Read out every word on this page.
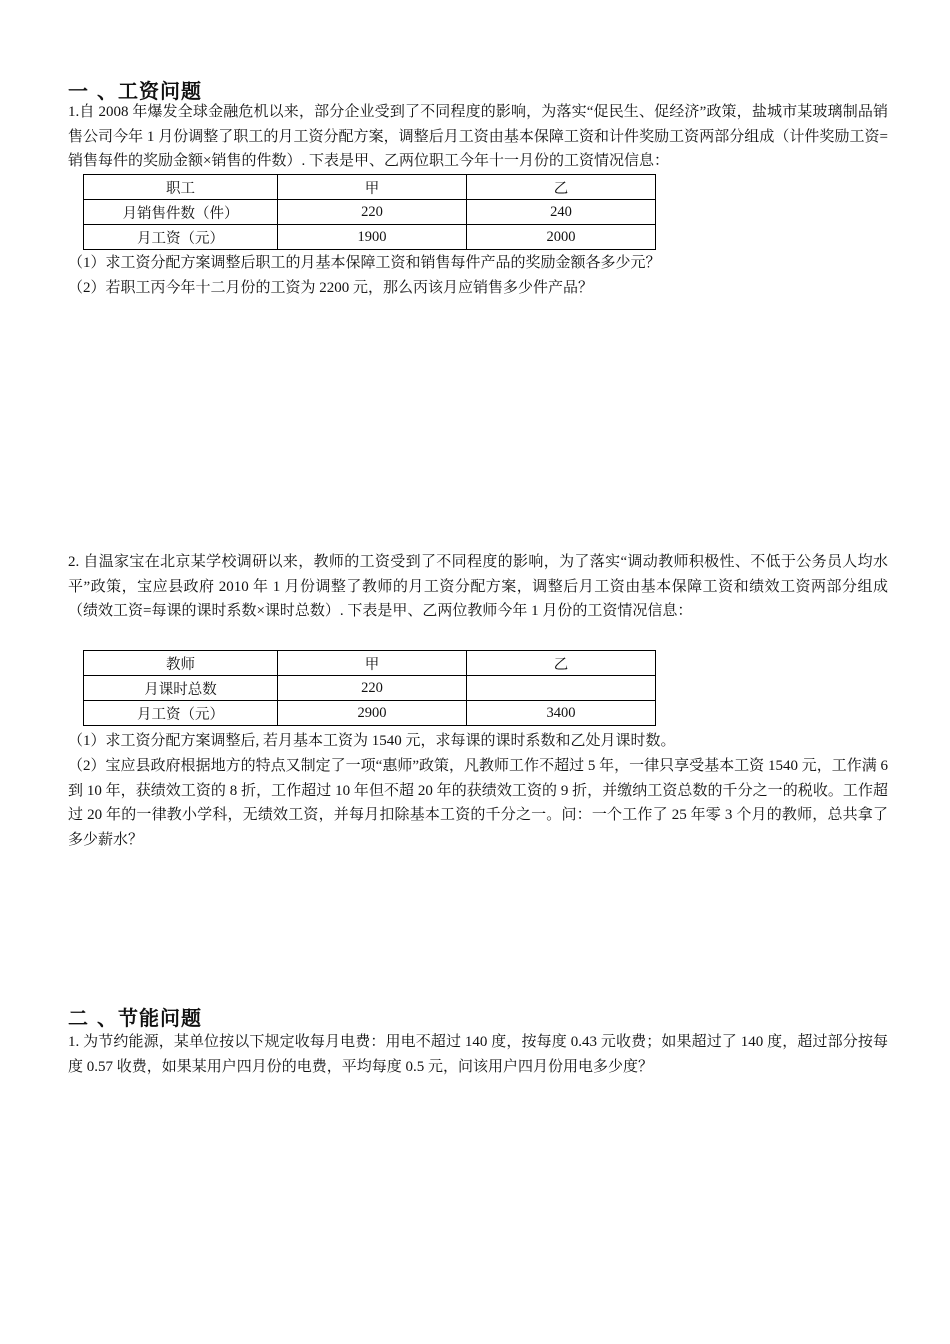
一 、工资问题
1.自 2008 年爆发全球金融危机以来，部分企业受到了不同程度的影响，为落实“促民生、促经济”政策，盐城市某玻璃制品销售公司今年 1 月份调整了职工的月工资分配方案，调整后月工资由基本保障工资和计件奖励工资两部分组成（计件奖励工资=销售每件的奖励金额×销售的件数）. 下表是甲、乙两位职工今年十一月份的工资情况信息：
职工	甲	乙
月销售件数（件）	220	240
月工资（元）	1900	2000
（1）求工资分配方案调整后职工的月基本保障工资和销售每件产品的奖励金额各多少元？
（2）若职工丙今年十二月份的工资为 2200 元，那么丙该月应销售多少件产品？
2. 自温家宝在北京某学校调研以来，教师的工资受到了不同程度的影响，为了落实“调动教师积极性、不低于公务员人均水平”政策，宝应县政府 2010 年 1 月份调整了教师的月工资分配方案，调整后月工资由基本保障工资和绩效工资两部分组成（绩效工资=每课的课时系数×课时总数）. 下表是甲、乙两位教师今年 1 月份的工资情况信息：
教师	甲	乙
月课时总数	220	
月工资（元）	2900	3400
（1）求工资分配方案调整后, 若月基本工资为 1540 元，求每课的课时系数和乙处月课时数。
（2）宝应县政府根据地方的特点又制定了一项“惠师”政策，凡教师工作不超过 5 年，一律只享受基本工资 1540 元，工作满 6 到 10 年，获绩效工资的 8 折，工作超过 10 年但不超 20 年的获绩效工资的 9 折，并缴纳工资总数的千分之一的税收。工作超过 20 年的一律教小学科，无绩效工资，并每月扣除基本工资的千分之一。问：一个工作了 25 年零 3 个月的教师，总共拿了多少薪水？
二 、节能问题
1. 为节约能源，某单位按以下规定收每月电费：用电不超过 140 度，按每度 0.43 元收费；如果超过了 140 度，超过部分按每度 0.57 收费，如果某用户四月份的电费，平均每度 0.5 元，问该用户四月份用电多少度？
